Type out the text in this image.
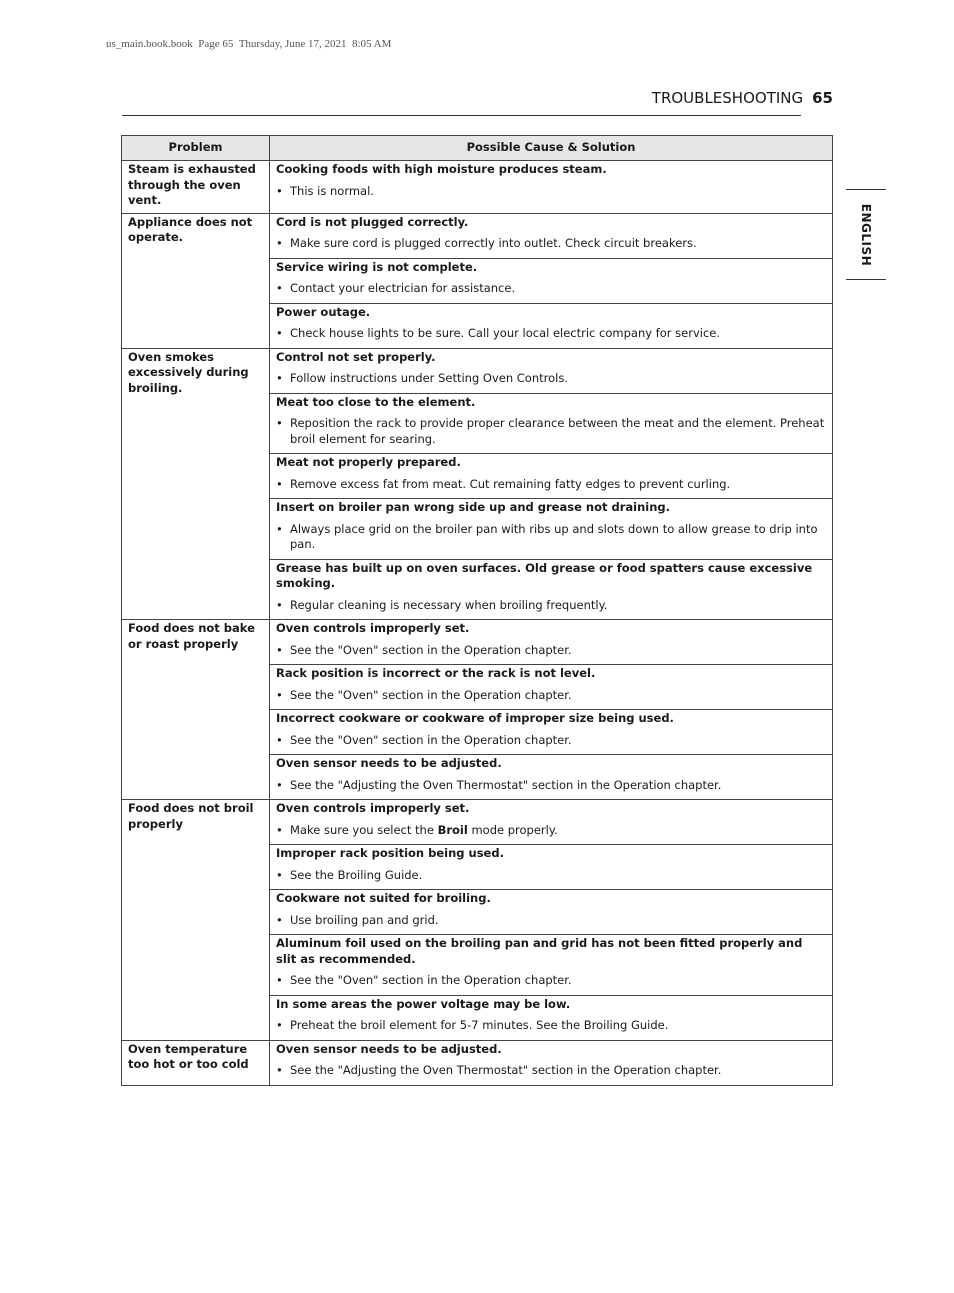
us_main.book.book  Page 65  Thursday, June 17, 2021  8:05 AM
TROUBLESHOOTING 65
ENGLISH
Problem	Possible Cause & Solution
Steam is exhausted through the oven vent.	Cooking foods with high moisture produces steam.
• This is normal.

Appliance does not operate.	Cord is not plugged correctly.
• Make sure cord is plugged correctly into outlet. Check circuit breakers.

	Service wiring is not complete.
• Contact your electrician for assistance.

	Power outage.
• Check house lights to be sure. Call your local electric company for service.

Oven smokes excessively during broiling.	Control not set properly.
• Follow instructions under Setting Oven Controls.

	Meat too close to the element.
• Reposition the rack to provide proper clearance between the meat and the element. Preheat broil element for searing.

	Meat not properly prepared.
• Remove excess fat from meat. Cut remaining fatty edges to prevent curling.

	Insert on broiler pan wrong side up and grease not draining.
• Always place grid on the broiler pan with ribs up and slots down to allow grease to drip into pan.

	Grease has built up on oven surfaces. Old grease or food spatters cause excessive smoking.
• Regular cleaning is necessary when broiling frequently.

Food does not bake or roast properly	Oven controls improperly set.
• See the "Oven" section in the Operation chapter.

	Rack position is incorrect or the rack is not level.
• See the "Oven" section in the Operation chapter.

	Incorrect cookware or cookware of improper size being used.
• See the "Oven" section in the Operation chapter.

	Oven sensor needs to be adjusted.
• See the "Adjusting the Oven Thermostat" section in the Operation chapter.

Food does not broil properly	Oven controls improperly set.
• Make sure you select the Broil mode properly.

	Improper rack position being used.
• See the Broiling Guide.

	Cookware not suited for broiling.
• Use broiling pan and grid.

	Aluminum foil used on the broiling pan and grid has not been fitted properly and slit as recommended.
• See the "Oven" section in the Operation chapter.

	In some areas the power voltage may be low.
• Preheat the broil element for 5-7 minutes. See the Broiling Guide.

Oven temperature too hot or too cold	Oven sensor needs to be adjusted.
• See the "Adjusting the Oven Thermostat" section in the Operation chapter.
